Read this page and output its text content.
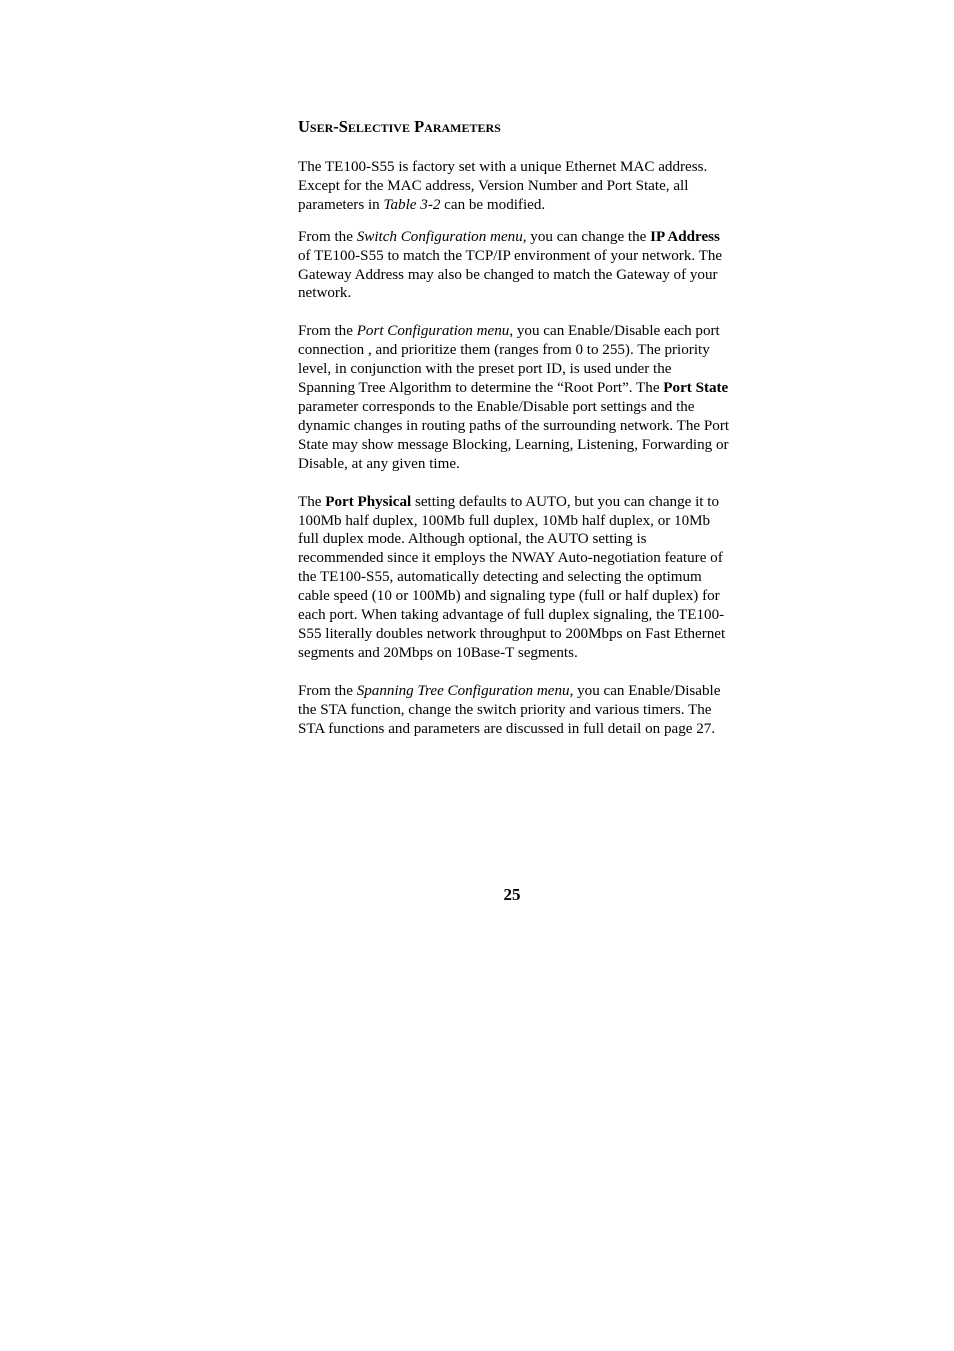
User-Selective Parameters

The TE100-S55 is factory set with a unique Ethernet MAC address. Except for the MAC address, Version Number and Port State, all parameters in Table 3-2 can be modified.

From the Switch Configuration menu, you can change the IP Address of TE100-S55 to match the TCP/IP environment of your network. The Gateway Address may also be changed to match the Gateway of your network.

From the Port Configuration menu, you can Enable/Disable each port connection , and prioritize them (ranges from 0 to 255). The priority level, in conjunction with the preset port ID, is used under the Spanning Tree Algorithm to determine the “Root Port”. The Port State parameter corresponds to the Enable/Disable port settings and the dynamic changes in routing paths of the surrounding network. The Port State may show message Blocking, Learning, Listening, Forwarding or Disable, at any given time.

The Port Physical setting defaults to AUTO, but you can change it to 100Mb half duplex, 100Mb full duplex, 10Mb half duplex, or 10Mb full duplex mode. Although optional, the AUTO setting is recommended since it employs the NWAY Auto-negotiation feature of the TE100-S55, automatically detecting and selecting the optimum cable speed (10 or 100Mb) and signaling type (full or half duplex) for each port. When taking advantage of full duplex signaling, the TE100-S55 literally doubles network throughput to 200Mbps on Fast Ethernet segments and 20Mbps on 10Base-T segments.

From the Spanning Tree Configuration menu, you can Enable/Disable the STA function, change the switch priority and various timers. The STA functions and parameters are discussed in full detail on page 27.

25
